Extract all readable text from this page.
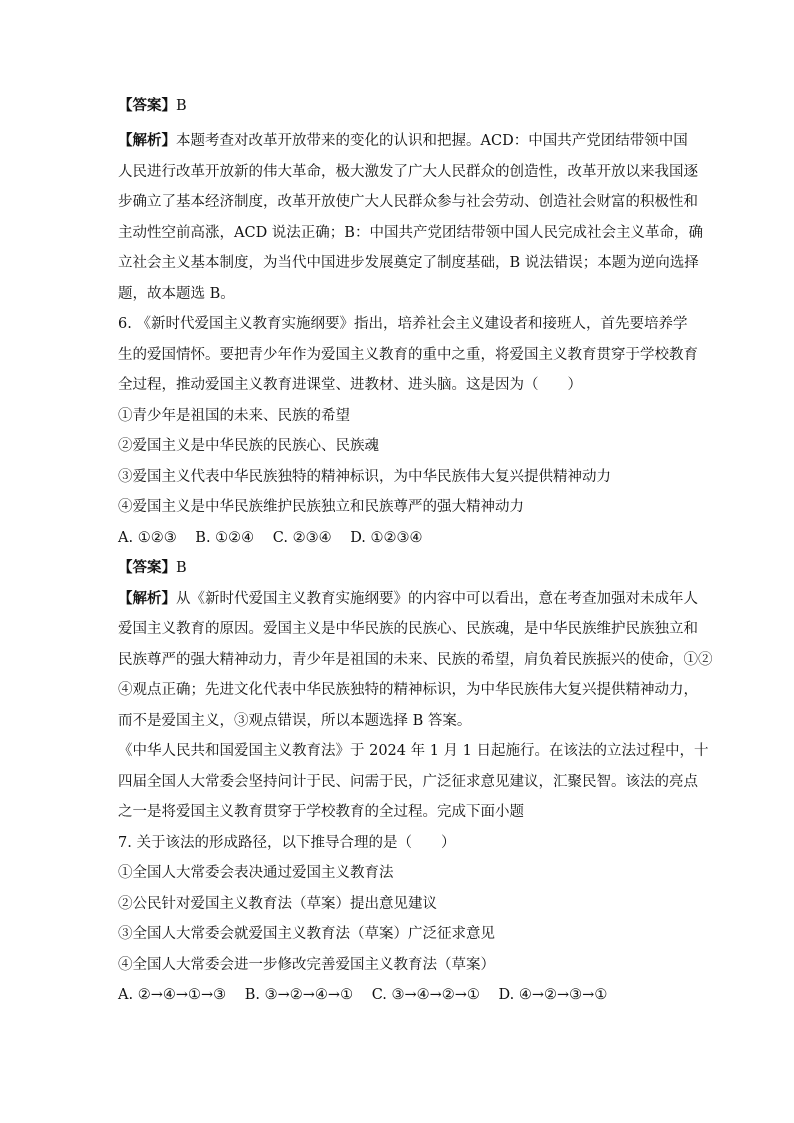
【答案】B

【解析】本题考查对改革开放带来的变化的认识和把握。ACD：中国共产党团结带领中国

人民进行改革开放新的伟大革命，极大激发了广大人民群众的创造性，改革开放以来我国逐

步确立了基本经济制度，改革开放使广大人民群众参与社会劳动、创造社会财富的积极性和

主动性空前高涨，ACD 说法正确；B：中国共产党团结带领中国人民完成社会主义革命，确

立社会主义基本制度，为当代中国进步发展奠定了制度基础，B 说法错误；本题为逆向选择

题，故本题选 B。

6. 《新时代爱国主义教育实施纲要》指出，培养社会主义建设者和接班人，首先要培养学

生的爱国情怀。要把青少年作为爱国主义教育的重中之重，将爱国主义教育贯穿于学校教育

全过程，推动爱国主义教育进课堂、进教材、进头脑。这是因为（　　）

①青少年是祖国的未来、民族的希望

②爱国主义是中华民族的民族心、民族魂

③爱国主义代表中华民族独特的精神标识，为中华民族伟大复兴提供精神动力

④爱国主义是中华民族维护民族独立和民族尊严的强大精神动力

A. ①②③ B. ①②④ C. ②③④ D. ①②③④

【答案】B

【解析】从《新时代爱国主义教育实施纲要》的内容中可以看出，意在考查加强对未成年人

爱国主义教育的原因。爱国主义是中华民族的民族心、民族魂，是中华民族维护民族独立和

民族尊严的强大精神动力，青少年是祖国的未来、民族的希望，肩负着民族振兴的使命，①②

④观点正确；先进文化代表中华民族独特的精神标识，为中华民族伟大复兴提供精神动力，

而不是爱国主义，③观点错误，所以本题选择 B 答案。

《中华人民共和国爱国主义教育法》于 2024 年 1 月 1 日起施行。在该法的立法过程中，十

四届全国人大常委会坚持问计于民、问需于民，广泛征求意见建议，汇聚民智。该法的亮点

之一是将爱国主义教育贯穿于学校教育的全过程。完成下面小题

7. 关于该法的形成路径，以下推导合理的是（　　）

①全国人大常委会表决通过爱国主义教育法

②公民针对爱国主义教育法（草案）提出意见建议

③全国人大常委会就爱国主义教育法（草案）广泛征求意见

④全国人大常委会进一步修改完善爱国主义教育法（草案）

A. ②→④→①→③ B. ③→②→④→① C. ③→④→②→① D. ④→②→③→①
